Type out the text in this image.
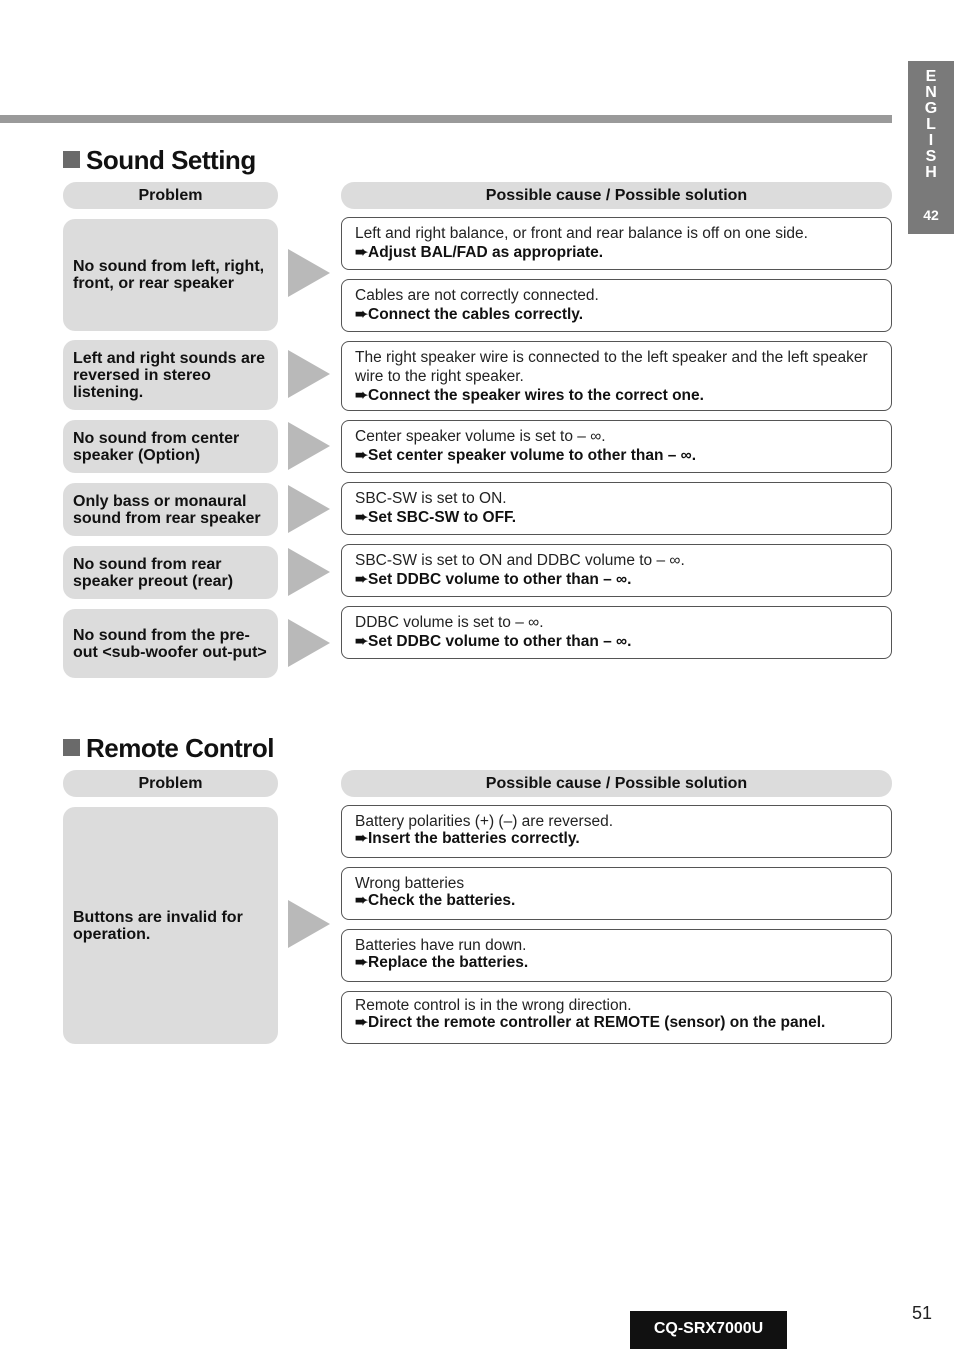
E
N
G
L
I
S
H
42
Sound Setting
Problem	Possible cause / Possible solution
No sound from left, right, front, or rear speaker
Left and right balance, or front and rear balance is off on one side.
➨Adjust BAL/FAD as appropriate.
Cables are not correctly connected.
➨Connect the cables correctly.
Left and right sounds are reversed in stereo listening.
The right speaker wire is connected to the left speaker and the left speaker wire to the right speaker.
➨Connect the speaker wires to the correct one.
No sound from center speaker (Option)
Center speaker volume is set to – ∞.
➨Set center speaker volume to other than – ∞.
Only bass or monaural sound from rear speaker
SBC-SW is set to ON.
➨Set SBC-SW to OFF.
No sound from rear speaker preout (rear)
SBC-SW is set to ON and DDBC volume to – ∞.
➨Set DDBC volume to other than – ∞.
No sound from the pre-out <sub-woofer out-put>
DDBC volume is set to – ∞.
➨Set DDBC volume to other than – ∞.
Remote Control
Problem	Possible cause / Possible solution
Buttons are invalid for operation.
Battery polarities (+) (–) are reversed.
➨Insert the batteries correctly.
Wrong batteries
➨Check the batteries.
Batteries have run down.
➨Replace the batteries.
Remote control is in the wrong direction.
➨Direct the remote controller at REMOTE (sensor) on the panel.
CQ-SRX7000U
51
